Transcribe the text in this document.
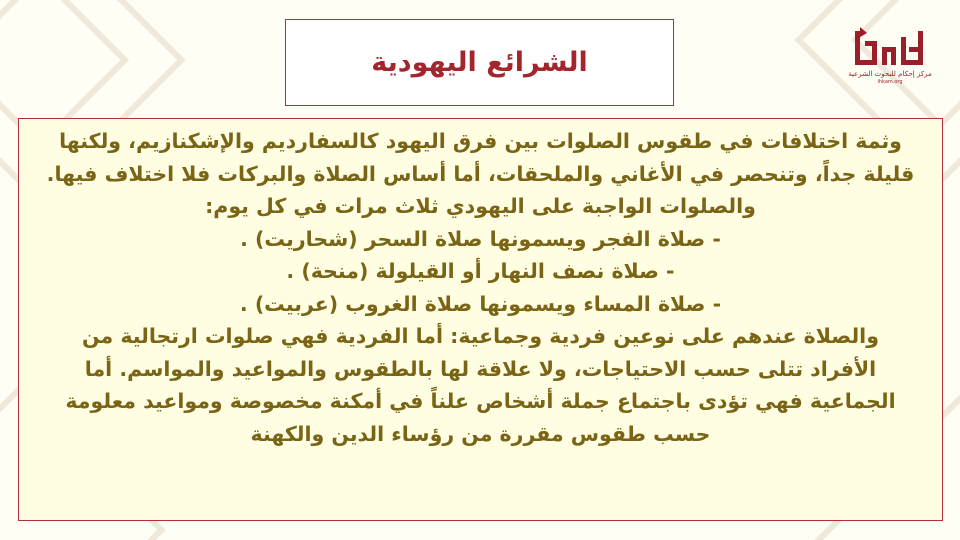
الشرائع اليهودية	مركز إحكام للبحوث الشرعية
ihkam.org
وثمة اختلافات في طقوس الصلوات بين فرق اليهود كالسفارديم والإشكنازيم، ولكنها
قليلة جداً، وتنحصر في الأغاني والملحقات، أما أساس الصلاة والبركات فلا اختلاف فيها.
والصلوات الواجبة على اليهودي ثلاث مرات في كل يوم:
- صلاة الفجر ويسمونها صلاة السحر (شحاريت) .
- صلاة نصف النهار أو القيلولة (منحة) .
- صلاة المساء ويسمونها صلاة الغروب (عربيت) .
والصلاة عندهم على نوعين فردية وجماعية: أما الفردية فهي صلوات ارتجالية من
الأفراد تتلى حسب الاحتياجات، ولا علاقة لها بالطقوس والمواعيد والمواسم. أما
الجماعية فهي تؤدى باجتماع جملة أشخاص علناً في أمكنة مخصوصة ومواعيد معلومة
حسب طقوس مقررة من رؤساء الدين والكهنة
